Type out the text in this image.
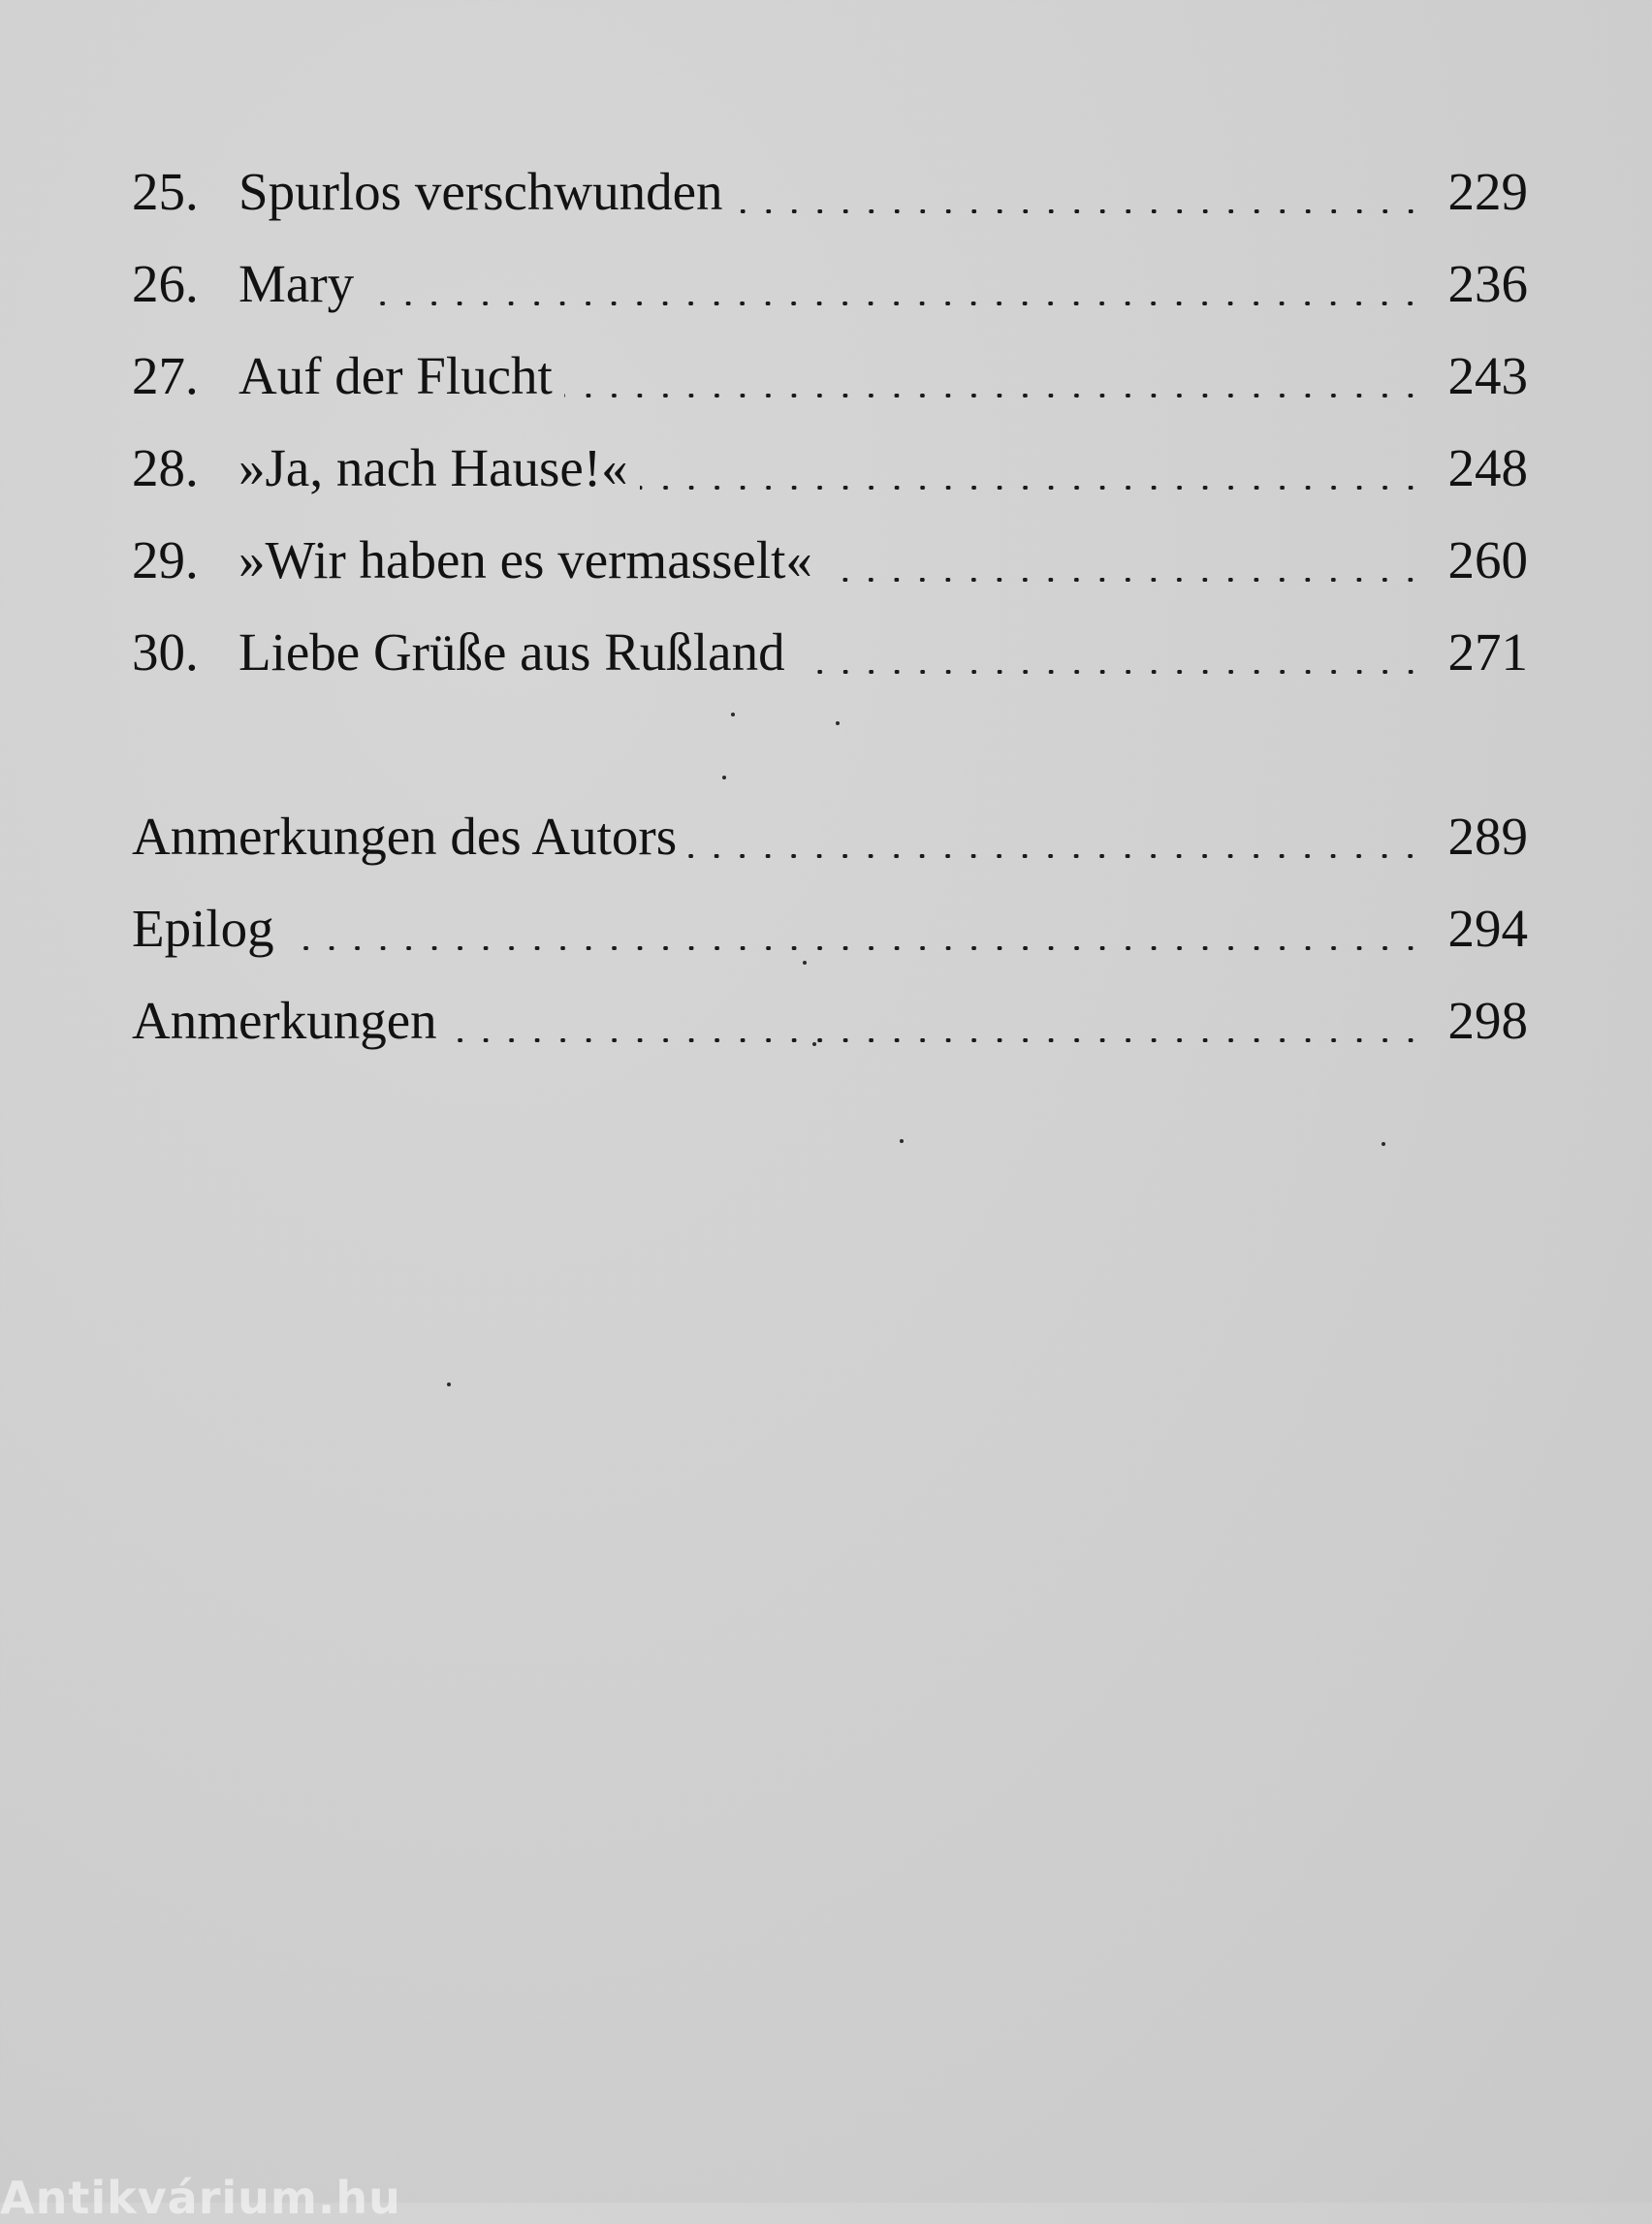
25. Spurlos verschwunden	229
26. Mary	236
27. Auf der Flucht	243
28. »Ja, nach Hause!«	248
29. »Wir haben es vermasselt«	260
30. Liebe Grüße aus Rußland	271
Anmerkungen des Autors	289
Epilog	294
Anmerkungen	298
Antikvárium.hu
